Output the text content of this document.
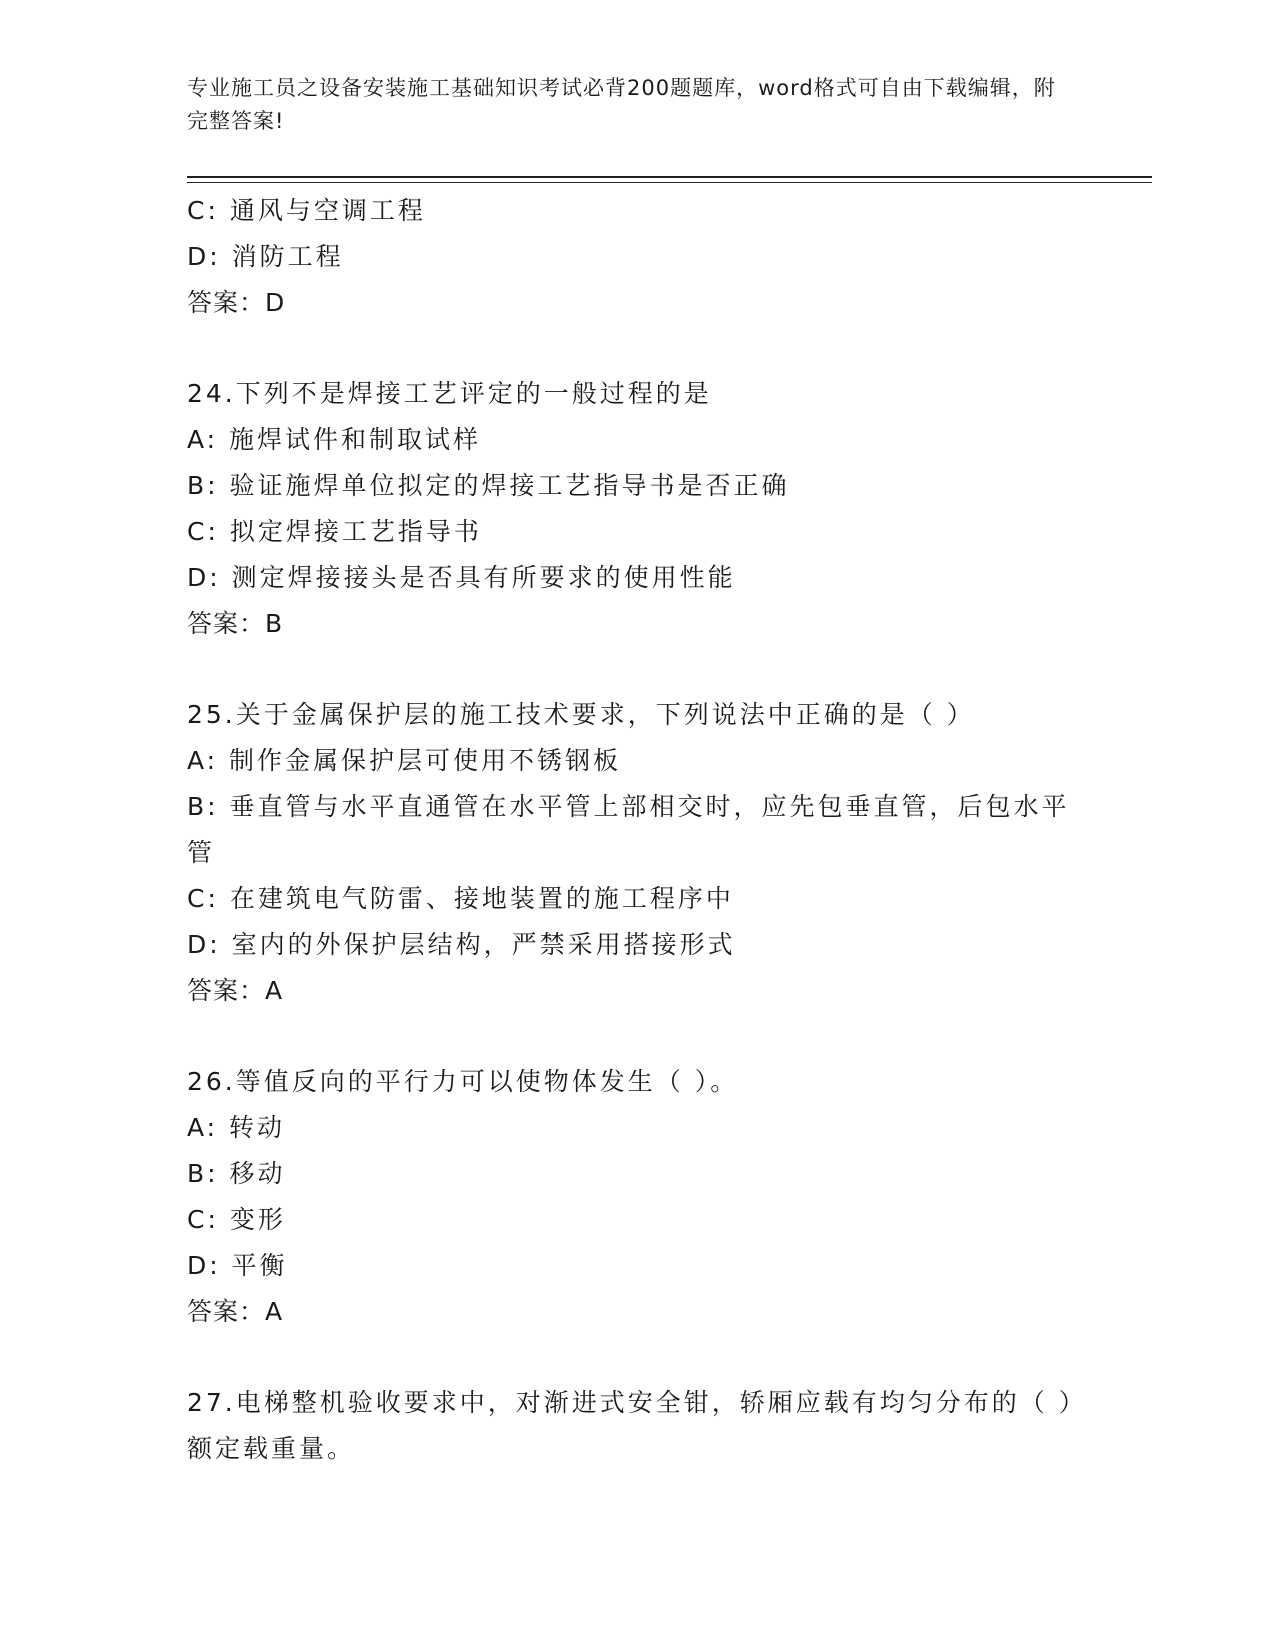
专业施工员之设备安装施工基础知识考试必背200题题库，word格式可自由下载编辑，附完整答案!
C: 通风与空调工程
D: 消防工程
答案：D
24.下列不是焊接工艺评定的一般过程的是
A: 施焊试件和制取试样
B: 验证施焊单位拟定的焊接工艺指导书是否正确
C: 拟定焊接工艺指导书
D: 测定焊接接头是否具有所要求的使用性能
答案：B
25.关于金属保护层的施工技术要求，下列说法中正确的是（ ）
A: 制作金属保护层可使用不锈钢板
B: 垂直管与水平直通管在水平管上部相交时，应先包垂直管，后包水平管
C: 在建筑电气防雷、接地装置的施工程序中
D: 室内的外保护层结构，严禁采用搭接形式
答案：A
26.等值反向的平行力可以使物体发生（ ）。
A: 转动
B: 移动
C: 变形
D: 平衡
答案：A
27.电梯整机验收要求中，对渐进式安全钳，轿厢应载有均匀分布的（ ）额定载重量。
